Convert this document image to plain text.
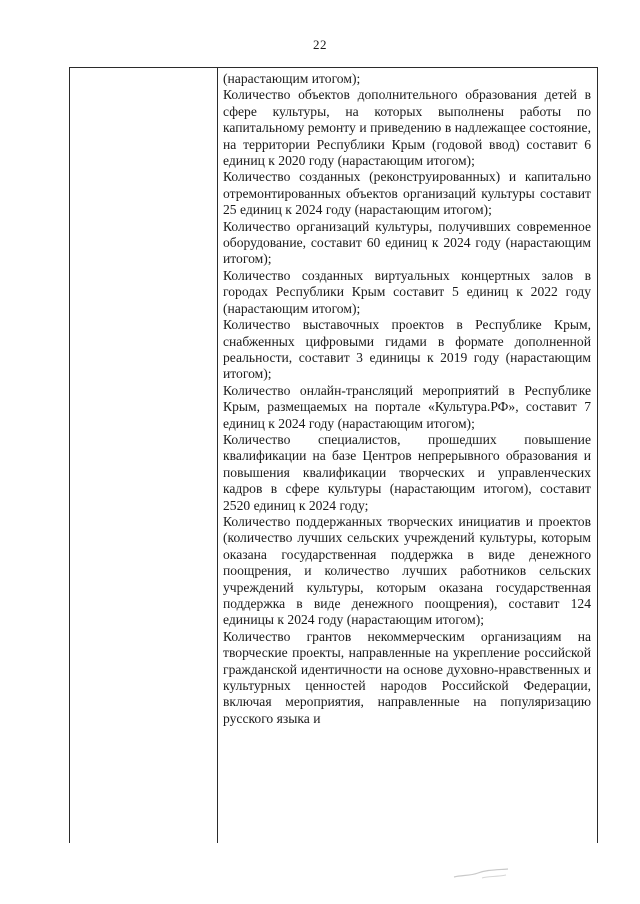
22

(нарастающим итогом);

Количество объектов дополнительного образования детей в сфере культуры, на которых выполнены работы по капитальному ремонту и приведению в надлежащее состояние, на территории Республики Крым (годовой ввод) составит 6 единиц к 2020 году (нарастающим итогом);

Количество созданных (реконструированных) и капитально отремонтированных объектов организаций культуры составит 25 единиц к 2024 году (нарастающим итогом);

Количество организаций культуры, получивших современное оборудование, составит 60 единиц к 2024 году (нарастающим итогом);

Количество созданных виртуальных концертных залов в городах Республики Крым составит 5 единиц к 2022 году (нарастающим итогом);

Количество выставочных проектов в Республике Крым, снабженных цифровыми гидами в формате дополненной реальности, составит 3 единицы к 2019 году (нарастающим итогом);

Количество онлайн-трансляций мероприятий в Республике Крым, размещаемых на портале «Культура.РФ», составит 7 единиц к 2024 году (нарастающим итогом);

Количество специалистов, прошедших повышение квалификации на базе Центров непрерывного образования и повышения квалификации творческих и управленческих кадров в сфере культуры (нарастающим итогом), составит 2520 единиц к 2024 году;

Количество поддержанных творческих инициатив и проектов (количество лучших сельских учреждений культуры, которым оказана государственная поддержка в виде денежного поощрения, и количество лучших работников сельских учреждений культуры, которым оказана государственная поддержка в виде денежного поощрения), составит 124 единицы к 2024 году (нарастающим итогом);

Количество грантов некоммерческим организациям на творческие проекты, направленные на укрепление российской гражданской идентичности на основе духовно-нравственных и культурных ценностей народов Российской Федерации, включая мероприятия, направленные на популяризацию русского языка и
